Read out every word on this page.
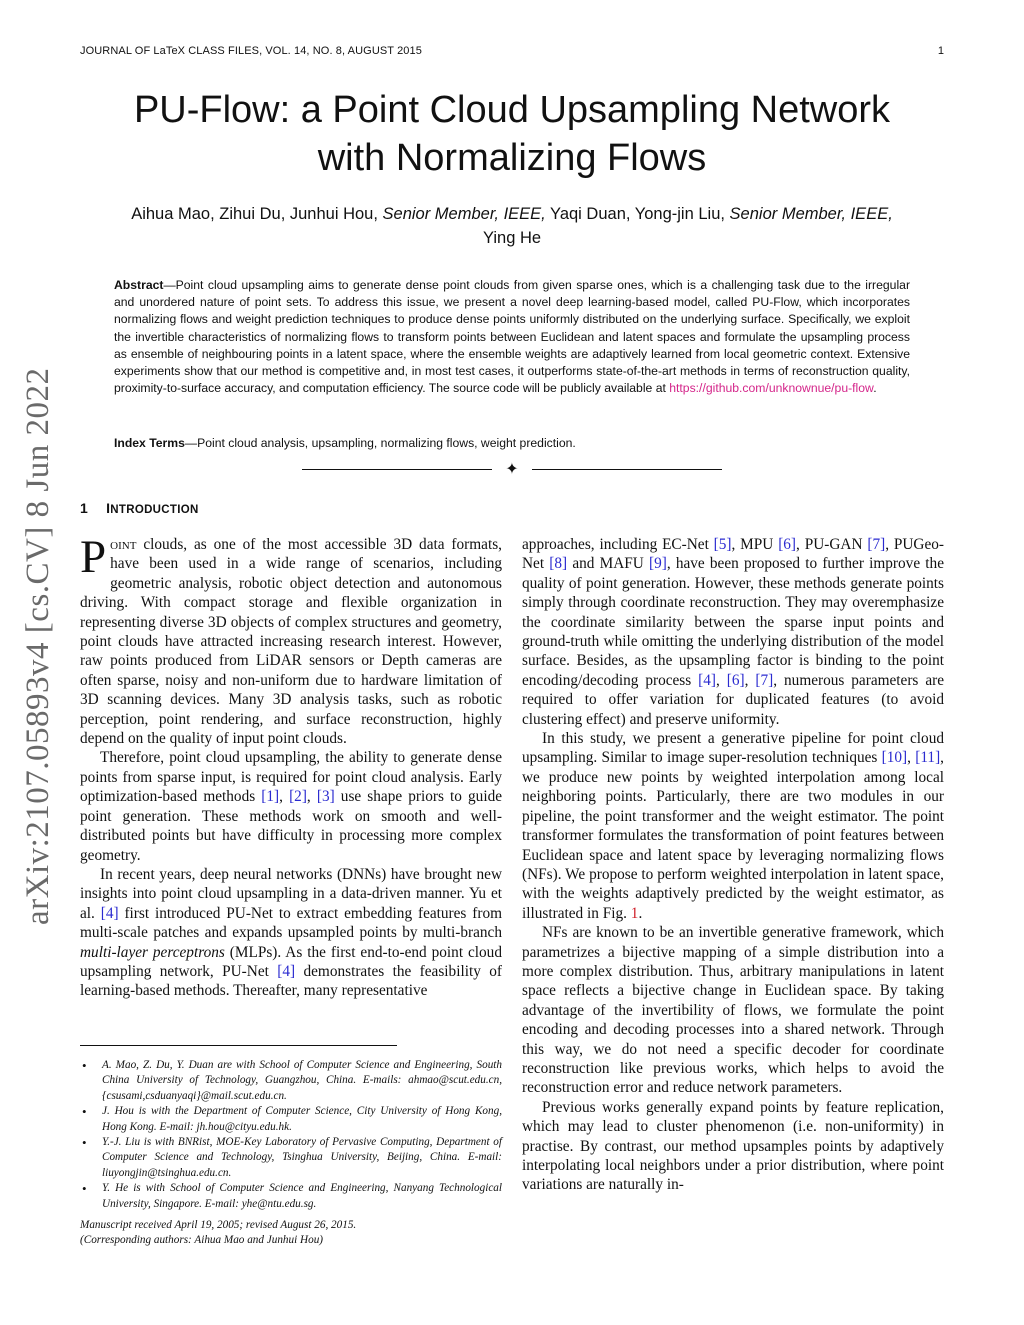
JOURNAL OF LaTeX CLASS FILES, VOL. 14, NO. 8, AUGUST 2015	1
PU-Flow: a Point Cloud Upsampling Network
with Normalizing Flows
Aihua Mao, Zihui Du, Junhui Hou, Senior Member, IEEE, Yaqi Duan, Yong-jin Liu, Senior Member, IEEE,
Ying He
Abstract—Point cloud upsampling aims to generate dense point clouds from given sparse ones, which is a challenging task due to the irregular and unordered nature of point sets. To address this issue, we present a novel deep learning-based model, called PU-Flow, which incorporates normalizing flows and weight prediction techniques to produce dense points uniformly distributed on the underlying surface. Specifically, we exploit the invertible characteristics of normalizing flows to transform points between Euclidean and latent spaces and formulate the upsampling process as ensemble of neighbouring points in a latent space, where the ensemble weights are adaptively learned from local geometric context. Extensive experiments show that our method is competitive and, in most test cases, it outperforms state-of-the-art methods in terms of reconstruction quality, proximity-to-surface accuracy, and computation efficiency. The source code will be publicly available at https://github.com/unknownue/pu-flow.
Index Terms—Point cloud analysis, upsampling, normalizing flows, weight prediction.
✦
arXiv:2107.05893v4 [cs.CV] 8 Jun 2022 1 INTRODUCTION

Point clouds, as one of the most accessible 3D data formats, have been used in a wide range of scenarios, including geometric analysis, robotic object detection and autonomous driving. With compact storage and flexible organization in representing diverse 3D objects of complex structures and geometry, point clouds have attracted increasing research interest. However, raw points produced from LiDAR sensors or Depth cameras are often sparse, noisy and non-uniform due to hardware limitation of 3D scanning devices. Many 3D analysis tasks, such as robotic perception, point rendering, and surface reconstruction, highly depend on the quality of input point clouds.

Therefore, point cloud upsampling, the ability to generate dense points from sparse input, is required for point cloud analysis. Early optimization-based methods [1], [2], [3] use shape priors to guide point generation. These methods work on smooth and well-distributed points but have difficulty in processing more complex geometry.

In recent years, deep neural networks (DNNs) have brought new insights into point cloud upsampling in a data-driven manner. Yu et al. [4] first introduced PU-Net to extract embedding features from multi-scale patches and expands upsampled points by multi-branch multi-layer perceptrons (MLPs). As the first end-to-end point cloud upsampling network, PU-Net [4] demonstrates the feasibility of learning-based methods. Thereafter, many representative

• A. Mao, Z. Du, Y. Duan are with School of Computer Science and Engineering, South China University of Technology, Guangzhou, China. E-mails: ahmao@scut.edu.cn, {csusami,csduanyaqi}@mail.scut.edu.cn.
• J. Hou is with the Department of Computer Science, City University of Hong Kong, Hong Kong. E-mail: jh.hou@cityu.edu.hk.
• Y.-J. Liu is with BNRist, MOE-Key Laboratory of Pervasive Computing, Department of Computer Science and Technology, Tsinghua University, Beijing, China. E-mail: liuyongjin@tsinghua.edu.cn.
• Y. He is with School of Computer Science and Engineering, Nanyang Technological University, Singapore. E-mail: yhe@ntu.edu.sg.
Manuscript received April 19, 2005; revised August 26, 2015.
(Corresponding authors: Aihua Mao and Junhui Hou)

approaches, including EC-Net [5], MPU [6], PU-GAN [7], PUGeo-Net [8] and MAFU [9], have been proposed to further improve the quality of point generation. However, these methods generate points simply through coordinate reconstruction. They may overemphasize the coordinate similarity between the sparse input points and ground-truth while omitting the underlying distribution of the model surface. Besides, as the upsampling factor is binding to the point encoding/decoding process [4], [6], [7], numerous parameters are required to offer variation for duplicated features (to avoid clustering effect) and preserve uniformity.

In this study, we present a generative pipeline for point cloud upsampling. Similar to image super-resolution techniques [10], [11], we produce new points by weighted interpolation among local neighboring points. Particularly, there are two modules in our pipeline, the point transformer and the weight estimator. The point transformer formulates the transformation of point features between Euclidean space and latent space by leveraging normalizing flows (NFs). We propose to perform weighted interpolation in latent space, with the weights adaptively predicted by the weight estimator, as illustrated in Fig. 1.

NFs are known to be an invertible generative framework, which parametrizes a bijective mapping of a simple distribution into a more complex distribution. Thus, arbitrary manipulations in latent space reflects a bijective change in Euclidean space. By taking advantage of the invertibility of flows, we formulate the point encoding and decoding processes into a shared network. Through this way, we do not need a specific decoder for coordinate reconstruction like previous works, which helps to avoid the reconstruction error and reduce network parameters.

Previous works generally expand points by feature replication, which may lead to cluster phenomenon (i.e. non-uniformity) in practise. By contrast, our method upsamples points by adaptively interpolating local neighbors under a prior distribution, where point variations are naturally in-
